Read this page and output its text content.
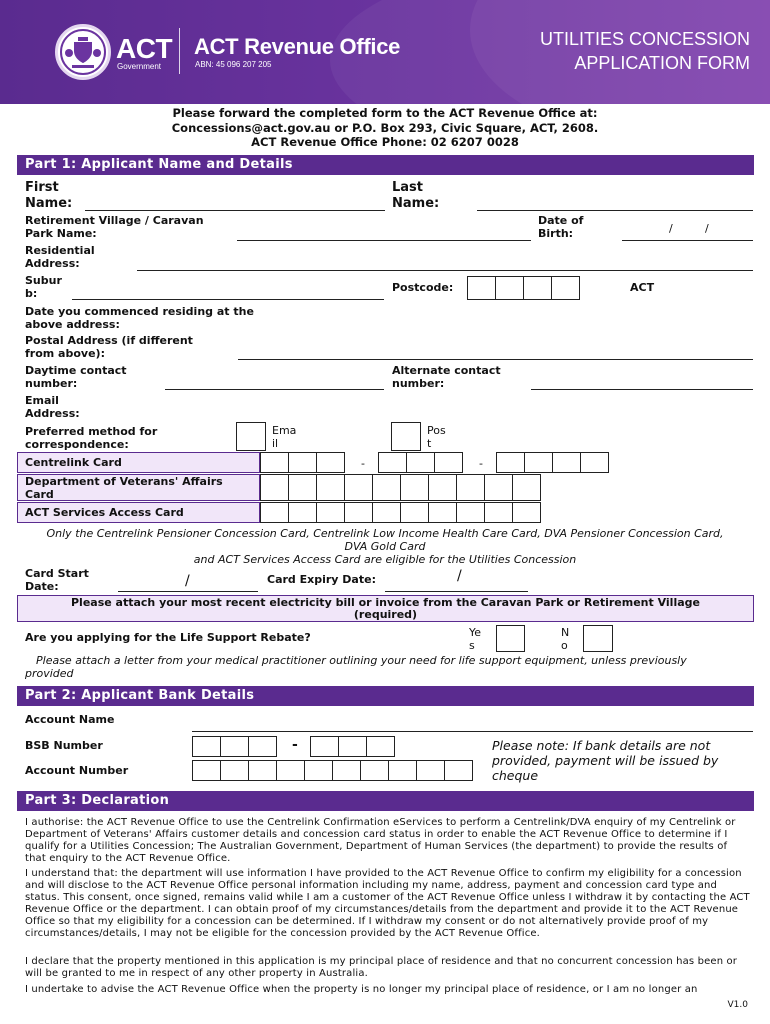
ACT
Government
ACT Revenue Office
ABN: 45 096 207 205
UTILITIES CONCESSION
APPLICATION FORM
Please forward the completed form to the ACT Revenue Office at:
Concessions@act.gov.au or P.O. Box 293, Civic Square, ACT, 2608.
ACT Revenue Office Phone: 02 6207 0028
Part 1: Applicant Name and Details
First
Name:
Last
Name:
Retirement Village / Caravan
Park Name:
Date of
Birth:	/	/
Residential
Address:
Subur
b:	Postcode:	ACT
Date you commenced residing at the
above address:
Postal Address (if different
from above):
Daytime contact
number:
Alternate contact
number:
Email
Address:
Preferred method for
correspondence:
Ema
il
Pos
t
Centrelink Card	-	-
Department of Veterans' Affairs
Card
ACT Services Access Card
Only the Centrelink Pensioner Concession Card, Centrelink Low Income Health Care Card, DVA Pensioner Concession Card,
DVA Gold Card
and ACT Services Access Card are eligible for the Utilities Concession
Card Start
Date:	/	Card Expiry Date:	/
Please attach your most recent electricity bill or invoice from the Caravan Park or Retirement Village
(required)
Are you applying for the Life Support Rebate?	Ye
s
N
o
Please attach a letter from your medical practitioner outlining your need for life support equipment, unless previously
provided
Part 2: Applicant Bank Details
Account Name
BSB Number	-
Account Number
Please note: If bank details are not
provided, payment will be issued by
cheque
Part 3: Declaration
I authorise: the ACT Revenue Office to use the Centrelink Confirmation eServices to perform a Centrelink/DVA enquiry of my Centrelink or Department of Veterans' Affairs customer details and concession card status in order to enable the ACT Revenue Office to determine if I qualify for a Utilities Concession; The Australian Government, Department of Human Services (the department) to provide the results of that enquiry to the ACT Revenue Office.
I understand that: the department will use information I have provided to the ACT Revenue Office to confirm my eligibility for a concession and will disclose to the ACT Revenue Office personal information including my name, address, payment and concession card type and status. This consent, once signed, remains valid while I am a customer of the ACT Revenue Office unless I withdraw it by contacting the ACT Revenue Office or the department. I can obtain proof of my circumstances/details from the department and provide it to the ACT Revenue Office so that my eligibility for a concession can be determined. If I withdraw my consent or do not alternatively provide proof of my circumstances/details, I may not be eligible for the concession provided by the ACT Revenue Office.
I declare that the property mentioned in this application is my principal place of residence and that no concurrent concession has been or will be granted to me in respect of any other property in Australia.
I undertake to advise the ACT Revenue Office when the property is no longer my principal place of residence, or I am no longer an
V1.0
